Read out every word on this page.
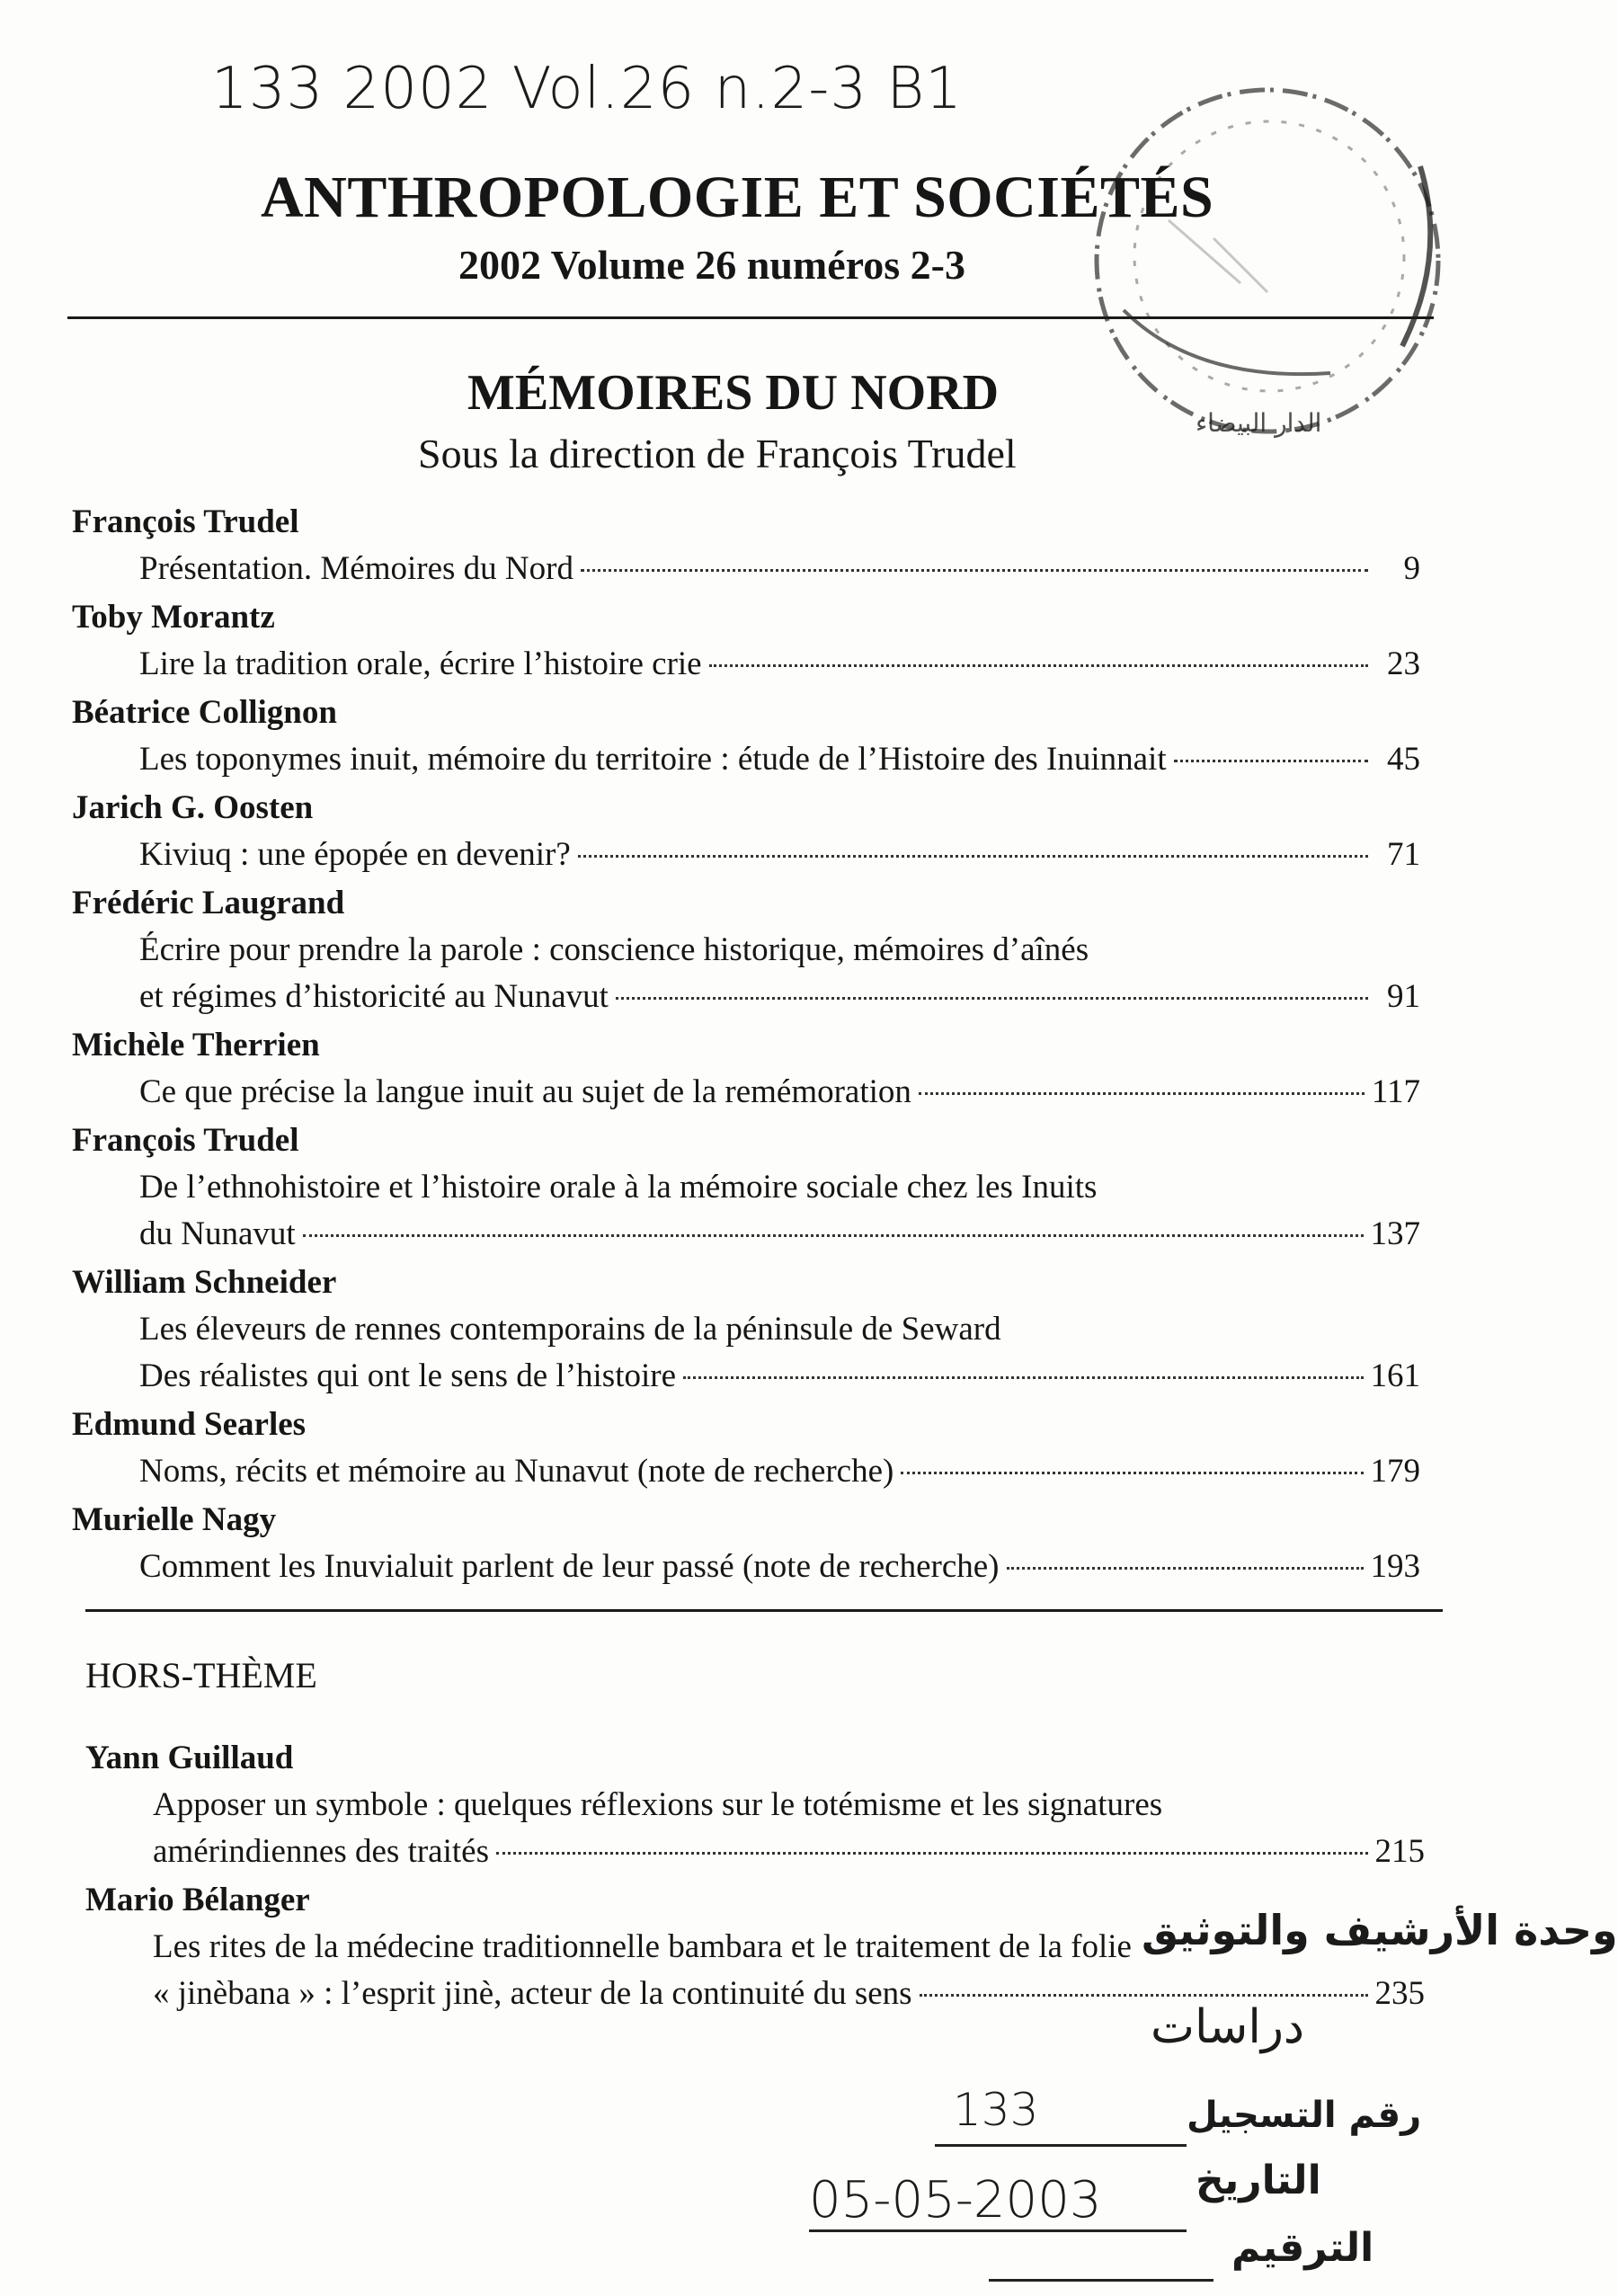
133 2002 Vol.26 n.2-3 B1
الدار البيضاء
ANTHROPOLOGIE ET SOCIÉTÉS
2002 Volume 26 numéros 2-3
MÉMOIRES DU NORD
Sous la direction de François Trudel
François Trudel
Présentation. Mémoires du Nord	9
Toby Morantz
Lire la tradition orale, écrire l’histoire crie	23
Béatrice Collignon
Les toponymes inuit, mémoire du territoire : étude de l’Histoire des Inuinnait	45
Jarich G. Oosten
Kiviuq : une épopée en devenir?	71
Frédéric Laugrand
Écrire pour prendre la parole : conscience historique, mémoires d’aînés
et régimes d’historicité au Nunavut	91
Michèle Therrien
Ce que précise la langue inuit au sujet de la remémoration	117
François Trudel
De l’ethnohistoire et l’histoire orale à la mémoire sociale chez les Inuits
du Nunavut	137
William Schneider
Les éleveurs de rennes contemporains de la péninsule de Seward
Des réalistes qui ont le sens de l’histoire	161
Edmund Searles
Noms, récits et mémoire au Nunavut (note de recherche)	179
Murielle Nagy
Comment les Inuvialuit parlent de leur passé (note de recherche)	193
HORS-THÈME
Yann Guillaud
Apposer un symbole : quelques réflexions sur le totémisme et les signatures
amérindiennes des traités	215
Mario Bélanger
Les rites de la médecine traditionnelle bambara et le traitement de la folie
« jinèbana » : l’esprit jinè, acteur de la continuité du sens	235
وحدة الأرشيف والتوثيق
دراسات
رقم التسجيل
133
التاريخ
05-05-2003
الترقيم
